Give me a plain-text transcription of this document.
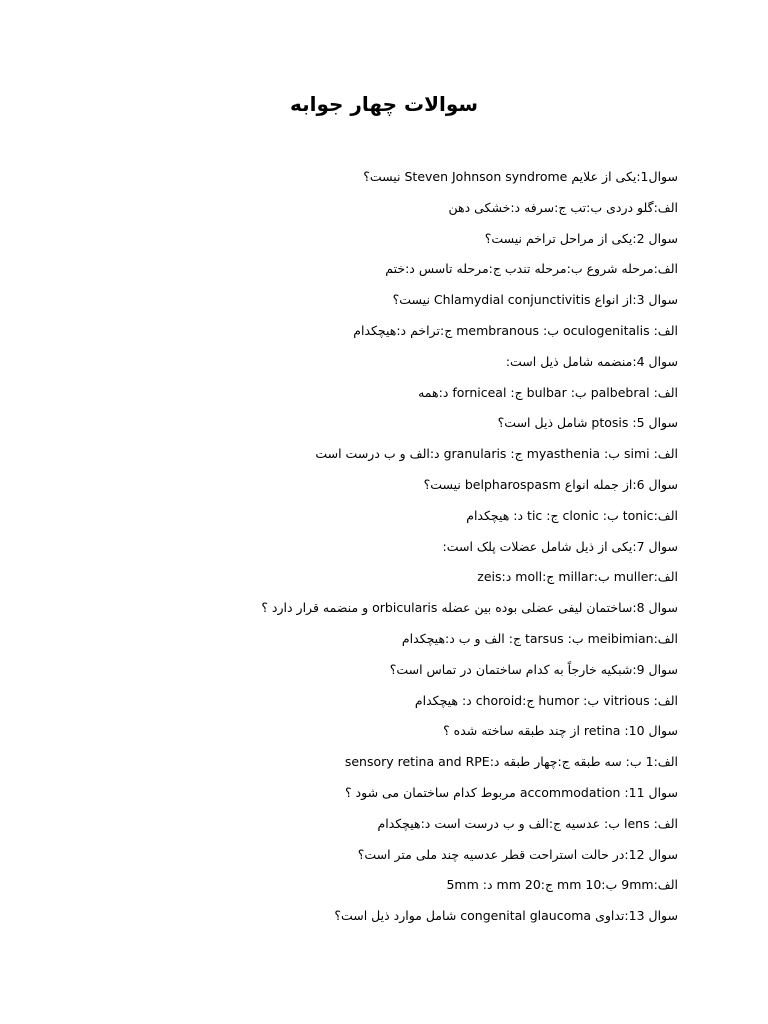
سوالات چهار جوابه
سوال1:یکی از علایم Steven Johnson syndrome نیست؟
الف:گلو دردی ب:تب ج:سرفه د:خشکی دهن
سوال 2:یکی از مراحل تراخم نیست؟
الف:مرحله شروع ب:مرحله تندب ج:مرحله تاسس د:ختم
سوال 3:از انواع Chlamydial conjunctivitis نیست؟
الف: oculogenitalis ب: membranous ج:تراخم د:هیچکدام
سوال 4:منضمه شامل ذیل است:
الف: palbebral ب: bulbar ج: forniceal د:همه
سوال 5: ptosis شامل ذیل است؟
الف: simi ب: myasthenia ج: granularis د:الف و ب درست است
سوال 6:از جمله انواع belpharospasm نیست؟
الف:tonic ب: clonic ج: tic د: هیچکدام
سوال 7:یکی از ذیل شامل عضلات پلک است:
الف:muller ب:millar ج:moll د:zeis
سوال 8:ساختمان لیفی عضلی بوده بین عضله orbicularis و منضمه قرار دارد ؟
الف:meibimian ب: tarsus ج: الف و ب د:هیچکدام
سوال 9:شبکیه خارجاً به کدام ساختمان در تماس است؟
الف: vitrious ب: humor ج:choroid د: هیچکدام
سوال 10: retina از چند طبقه ساخته شده ؟
الف:1 ب: سه طبقه ج:چهار طبقه د:sensory retina and RPE
سوال 11: accommodation مربوط کدام ساختمان می شود ؟
الف: lens ب: عدسیه ج:الف و ب درست است د:هیچکدام
سوال 12:در حالت استراحت قطر عدسیه چند ملی متر است؟
الف:9mm ب:10 mm ج:20 mm د: 5mm
سوال 13:تداوی congenital glaucoma شامل موارد ذیل است؟
